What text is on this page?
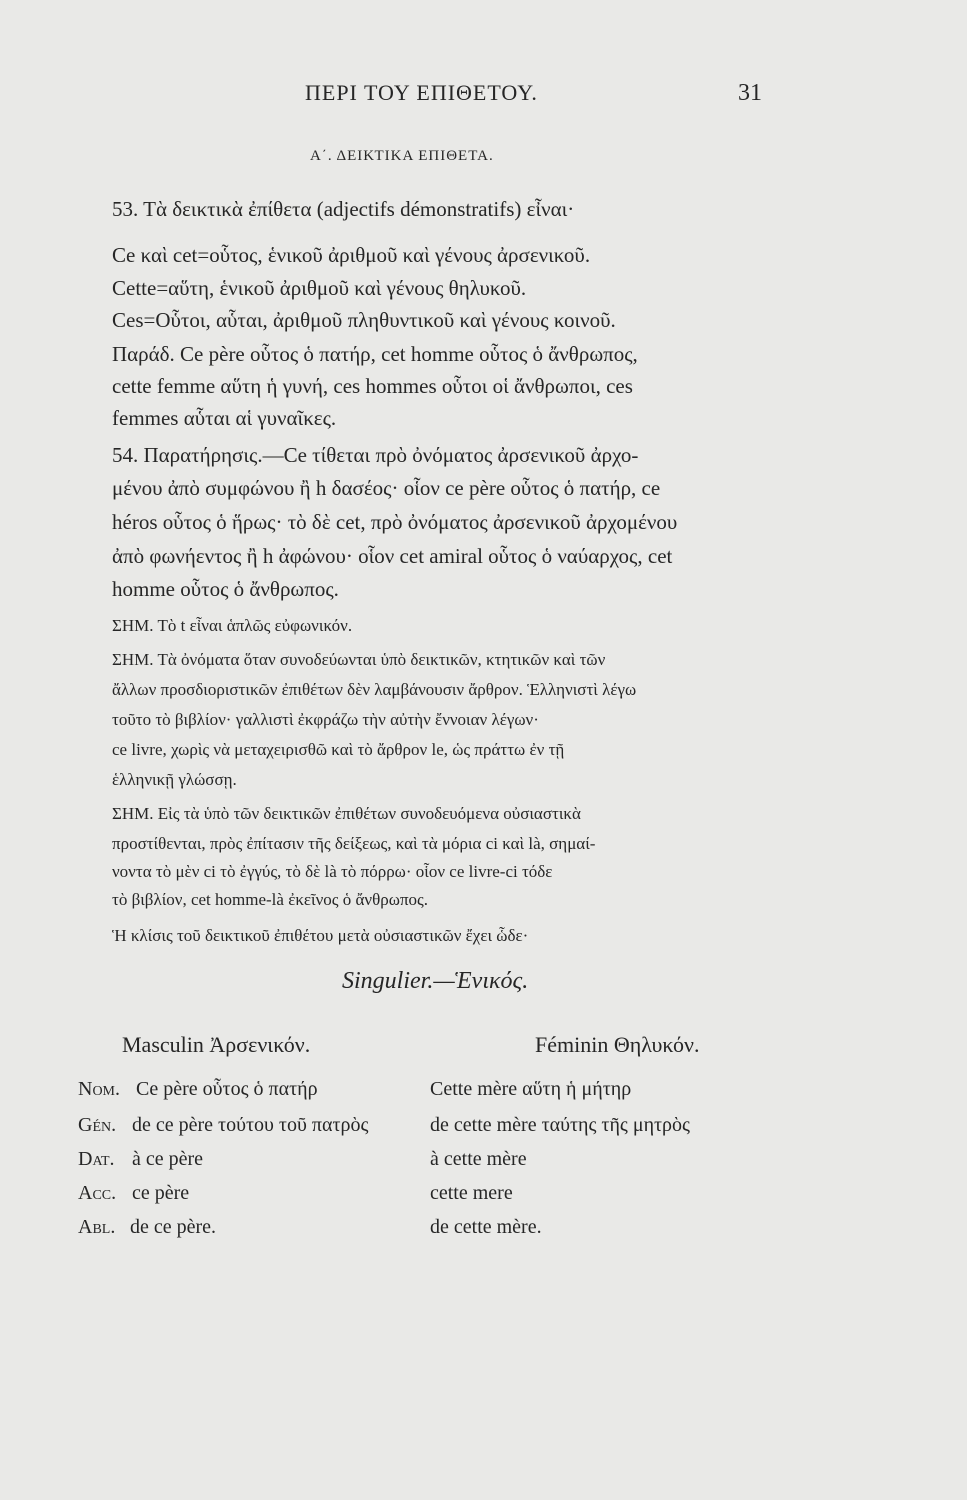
ΠΕΡΙ ΤΟΥ ΕΠΙΘΕΤΟΥ.	31
Α΄. ΔΕΙΚΤΙΚΑ ΕΠΙΘΕΤΑ.
53. Τὰ δεικτικὰ ἐπίθετα (adjectifs démonstratifs) εἶναι·
Ce καὶ cet=οὗτος, ἑνικοῦ ἀριθμοῦ καὶ γένους ἀρσενικοῦ.
Cette=αὕτη, ἑνικοῦ ἀριθμοῦ καὶ γένους θηλυκοῦ.
Ces=Οὗτοι, αὗται, ἀριθμοῦ πληθυντικοῦ καὶ γένους κοινοῦ.
Παράδ. Ce père οὗτος ὁ πατήρ, cet homme οὗτος ὁ ἄνθρωπος,
cette femme αὕτη ἡ γυνή, ces hommes οὗτοι οἱ ἄνθρωποι, ces
femmes αὗται αἱ γυναῖκες.
54. Παρατήρησις.—Ce τίθεται πρὸ ὀνόματος ἀρσενικοῦ ἀρχο-
μένου ἀπὸ συμφώνου ἢ h δασέος· οἷον ce père οὗτος ὁ πατήρ, ce
héros οὗτος ὁ ἥρως· τὸ δὲ cet, πρὸ ὀνόματος ἀρσενικοῦ ἀρχομένου
ἀπὸ φωνήεντος ἢ h ἀφώνου· οἷον cet amiral οὗτος ὁ ναύαρχος, cet
homme οὗτος ὁ ἄνθρωπος.
ΣΗΜ. Τὸ t εἶναι ἁπλῶς εὐφωνικόν.
ΣΗΜ. Τὰ ὀνόματα ὅταν συνοδεύωνται ὑπὸ δεικτικῶν, κτητικῶν καὶ τῶν
ἄλλων προσδιοριστικῶν ἐπιθέτων δὲν λαμβάνουσιν ἄρθρον. Ἑλληνιστὶ λέγω
τοῦτο τὸ βιβλίον· γαλλιστὶ ἐκφράζω τὴν αὐτὴν ἔννοιαν λέγων·
ce livre, χωρὶς νὰ μεταχειρισθῶ καὶ τὸ ἄρθρον le, ὡς πράττω ἐν τῇ
ἑλληνικῇ γλώσσῃ.
ΣΗΜ. Εἰς τὰ ὑπὸ τῶν δεικτικῶν ἐπιθέτων συνοδευόμενα οὐσιαστικὰ
προστίθενται, πρὸς ἐπίτασιν τῆς δείξεως, καὶ τὰ μόρια ci καὶ là, σημαί-
νοντα τὸ μὲν ci τὸ ἐγγύς, τὸ δὲ là τὸ πόρρω· οἷον ce livre-ci τόδε
τὸ βιβλίον, cet homme-là ἐκεῖνος ὁ ἄνθρωπος.
Ἡ κλίσις τοῦ δεικτικοῦ ἐπιθέτου μετὰ οὐσιαστικῶν ἔχει ὧδε·
Singulier.—Ἑνικός.
Masculin Ἀρσενικόν.	Féminin Θηλυκόν.
Nom. Ce père οὗτος ὁ πατήρ	Cette mère αὕτη ἡ μήτηρ
Gén. de ce père τούτου τοῦ πατρὸς	de cette mère ταύτης τῆς μητρὸς
Dat. à ce père	à cette mère
Acc. ce père	cette mere
Abl. de ce père.	de cette mère.
